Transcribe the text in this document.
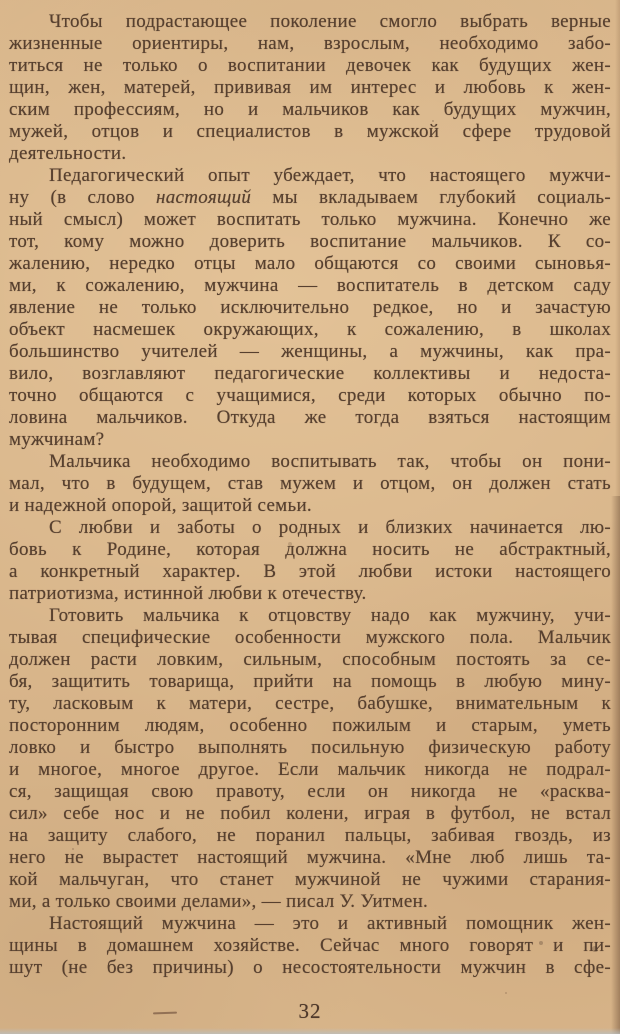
Чтобы подрастающее поколение смогло выбрать верные
жизненные ориентиры, нам, взрослым, необходимо забо-
титься не только о воспитании девочек как будущих жен-
щин, жен, матерей, прививая им интерес и любовь к жен-
ским профессиям, но и мальчиков как будущих мужчин,
мужей, отцов и специалистов в мужской сфере трудовой
деятельности.
Педагогический опыт убеждает, что настоящего мужчи-
ну (в слово настоящий мы вкладываем глубокий социаль-
ный смысл) может воспитать только мужчина. Конечно же
тот, кому можно доверить воспитание мальчиков. К со-
жалению, нередко отцы мало общаются со своими сыновья-
ми, к сожалению, мужчина — воспитатель в детском саду
явление не только исключительно редкое, но и зачастую
объект насмешек окружающих, к сожалению, в школах
большинство учителей — женщины, а мужчины, как пра-
вило, возглавляют педагогические коллективы и недоста-
точно общаются с учащимися, среди которых обычно по-
ловина мальчиков. Откуда же тогда взяться настоящим
мужчинам?
Мальчика необходимо воспитывать так, чтобы он пони-
мал, что в будущем, став мужем и отцом, он должен стать
и надежной опорой, защитой семьи.
С любви и заботы о родных и близких начинается лю-
бовь к Родине, которая должна носить не абстрактный,
а конкретный характер. В этой любви истоки настоящего
патриотизма, истинной любви к отечеству.
Готовить мальчика к отцовству надо как мужчину, учи-
тывая специфические особенности мужского пола. Мальчик
должен расти ловким, сильным, способным постоять за се-
бя, защитить товарища, прийти на помощь в любую мину-
ту, ласковым к матери, сестре, бабушке, внимательным к
посторонним людям, особенно пожилым и старым, уметь
ловко и быстро выполнять посильную физическую работу
и многое, многое другое. Если мальчик никогда не подрал-
ся, защищая свою правоту, если он никогда не «расква-
сил» себе нос и не побил колени, играя в футбол, не встал
на защиту слабого, не поранил пальцы, забивая гвоздь, из
него не вырастет настоящий мужчина. «Мне люб лишь та-
кой мальчуган, что станет мужчиной не чужими старания-
ми, а только своими делами», — писал У. Уитмен.
Настоящий мужчина — это и активный помощник жен-
щины в домашнем хозяйстве. Сейчас много говорят и пи-
шут (не без причины) о несостоятельности мужчин в сфе-
32
